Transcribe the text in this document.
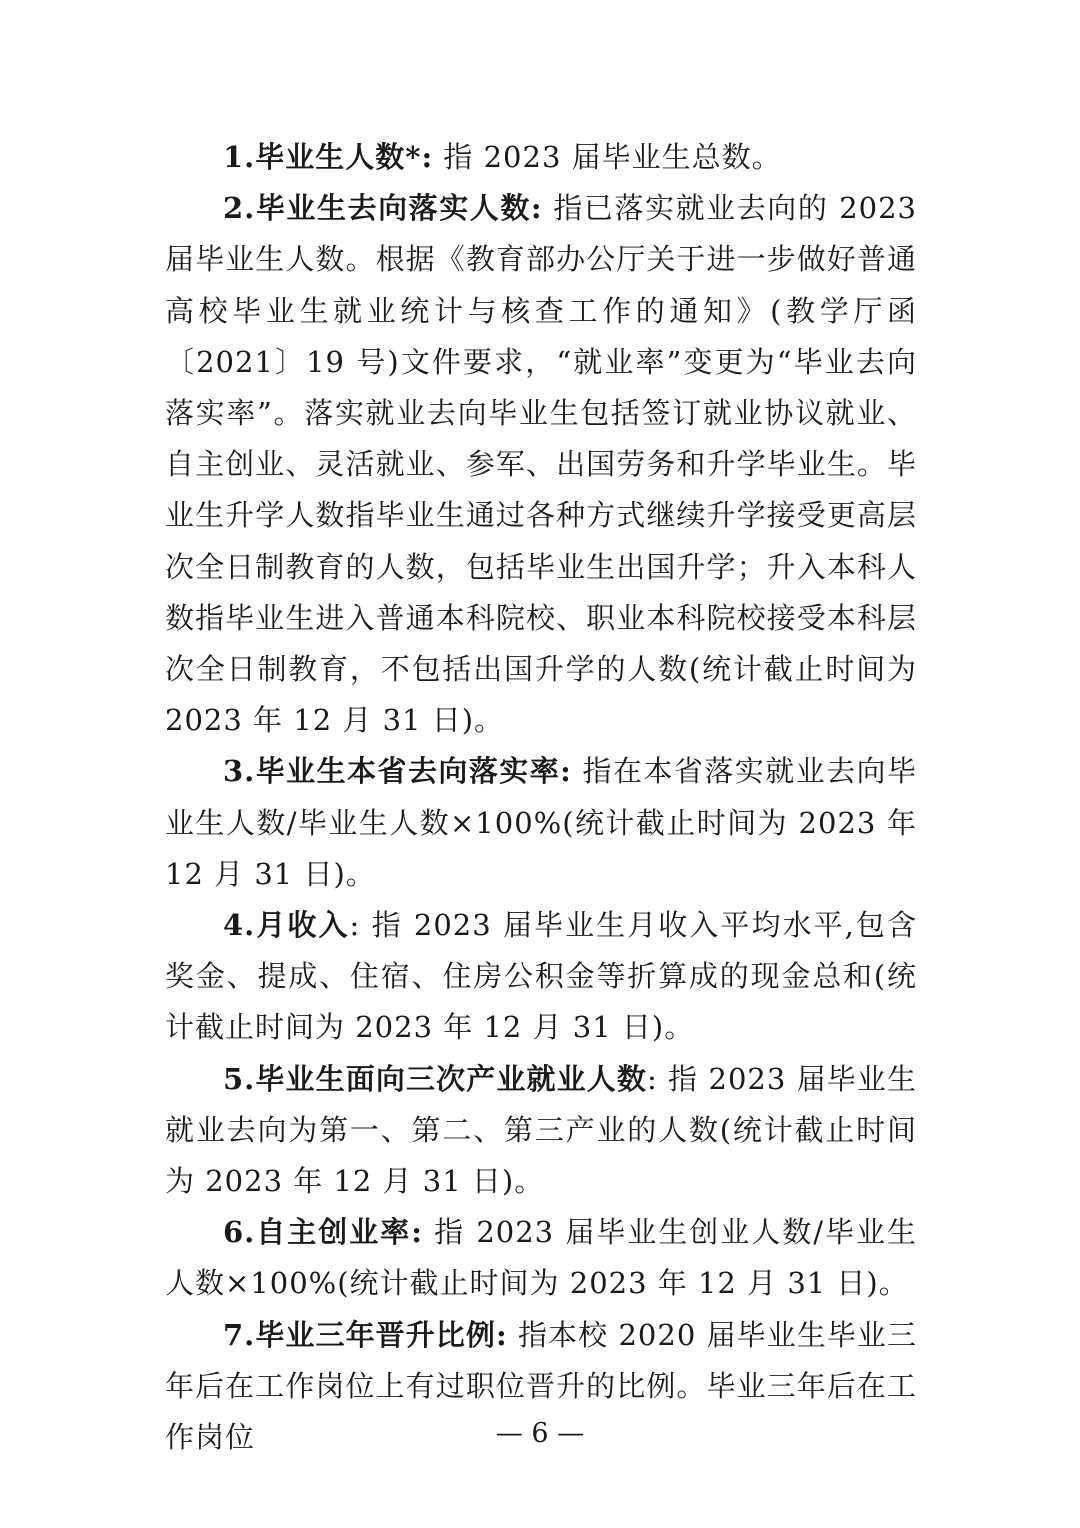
1.毕业生人数*: 指 2023 届毕业生总数。

2.毕业生去向落实人数: 指已落实就业去向的 2023 届毕业生人数。根据《教育部办公厅关于进一步做好普通高校毕业生就业统计与核查工作的通知》(教学厅函〔2021〕19 号)文件要求，“就业率”变更为“毕业去向落实率”。落实就业去向毕业生包括签订就业协议就业、自主创业、灵活就业、参军、出国劳务和升学毕业生。毕业生升学人数指毕业生通过各种方式继续升学接受更高层次全日制教育的人数，包括毕业生出国升学；升入本科人数指毕业生进入普通本科院校、职业本科院校接受本科层次全日制教育，不包括出国升学的人数(统计截止时间为 2023 年 12 月 31 日)。

3.毕业生本省去向落实率: 指在本省落实就业去向毕业生人数/毕业生人数×100%(统计截止时间为 2023 年 12 月 31 日)。

4.月收入: 指 2023 届毕业生月收入平均水平,包含奖金、提成、住宿、住房公积金等折算成的现金总和(统计截止时间为 2023 年 12 月 31 日)。

5.毕业生面向三次产业就业人数: 指 2023 届毕业生就业去向为第一、第二、第三产业的人数(统计截止时间为 2023 年 12 月 31 日)。

6.自主创业率: 指 2023 届毕业生创业人数/毕业生人数×100%(统计截止时间为 2023 年 12 月 31 日)。

7.毕业三年晋升比例: 指本校 2020 届毕业生毕业三年后在工作岗位上有过职位晋升的比例。毕业三年后在工作岗位	— 6 —
